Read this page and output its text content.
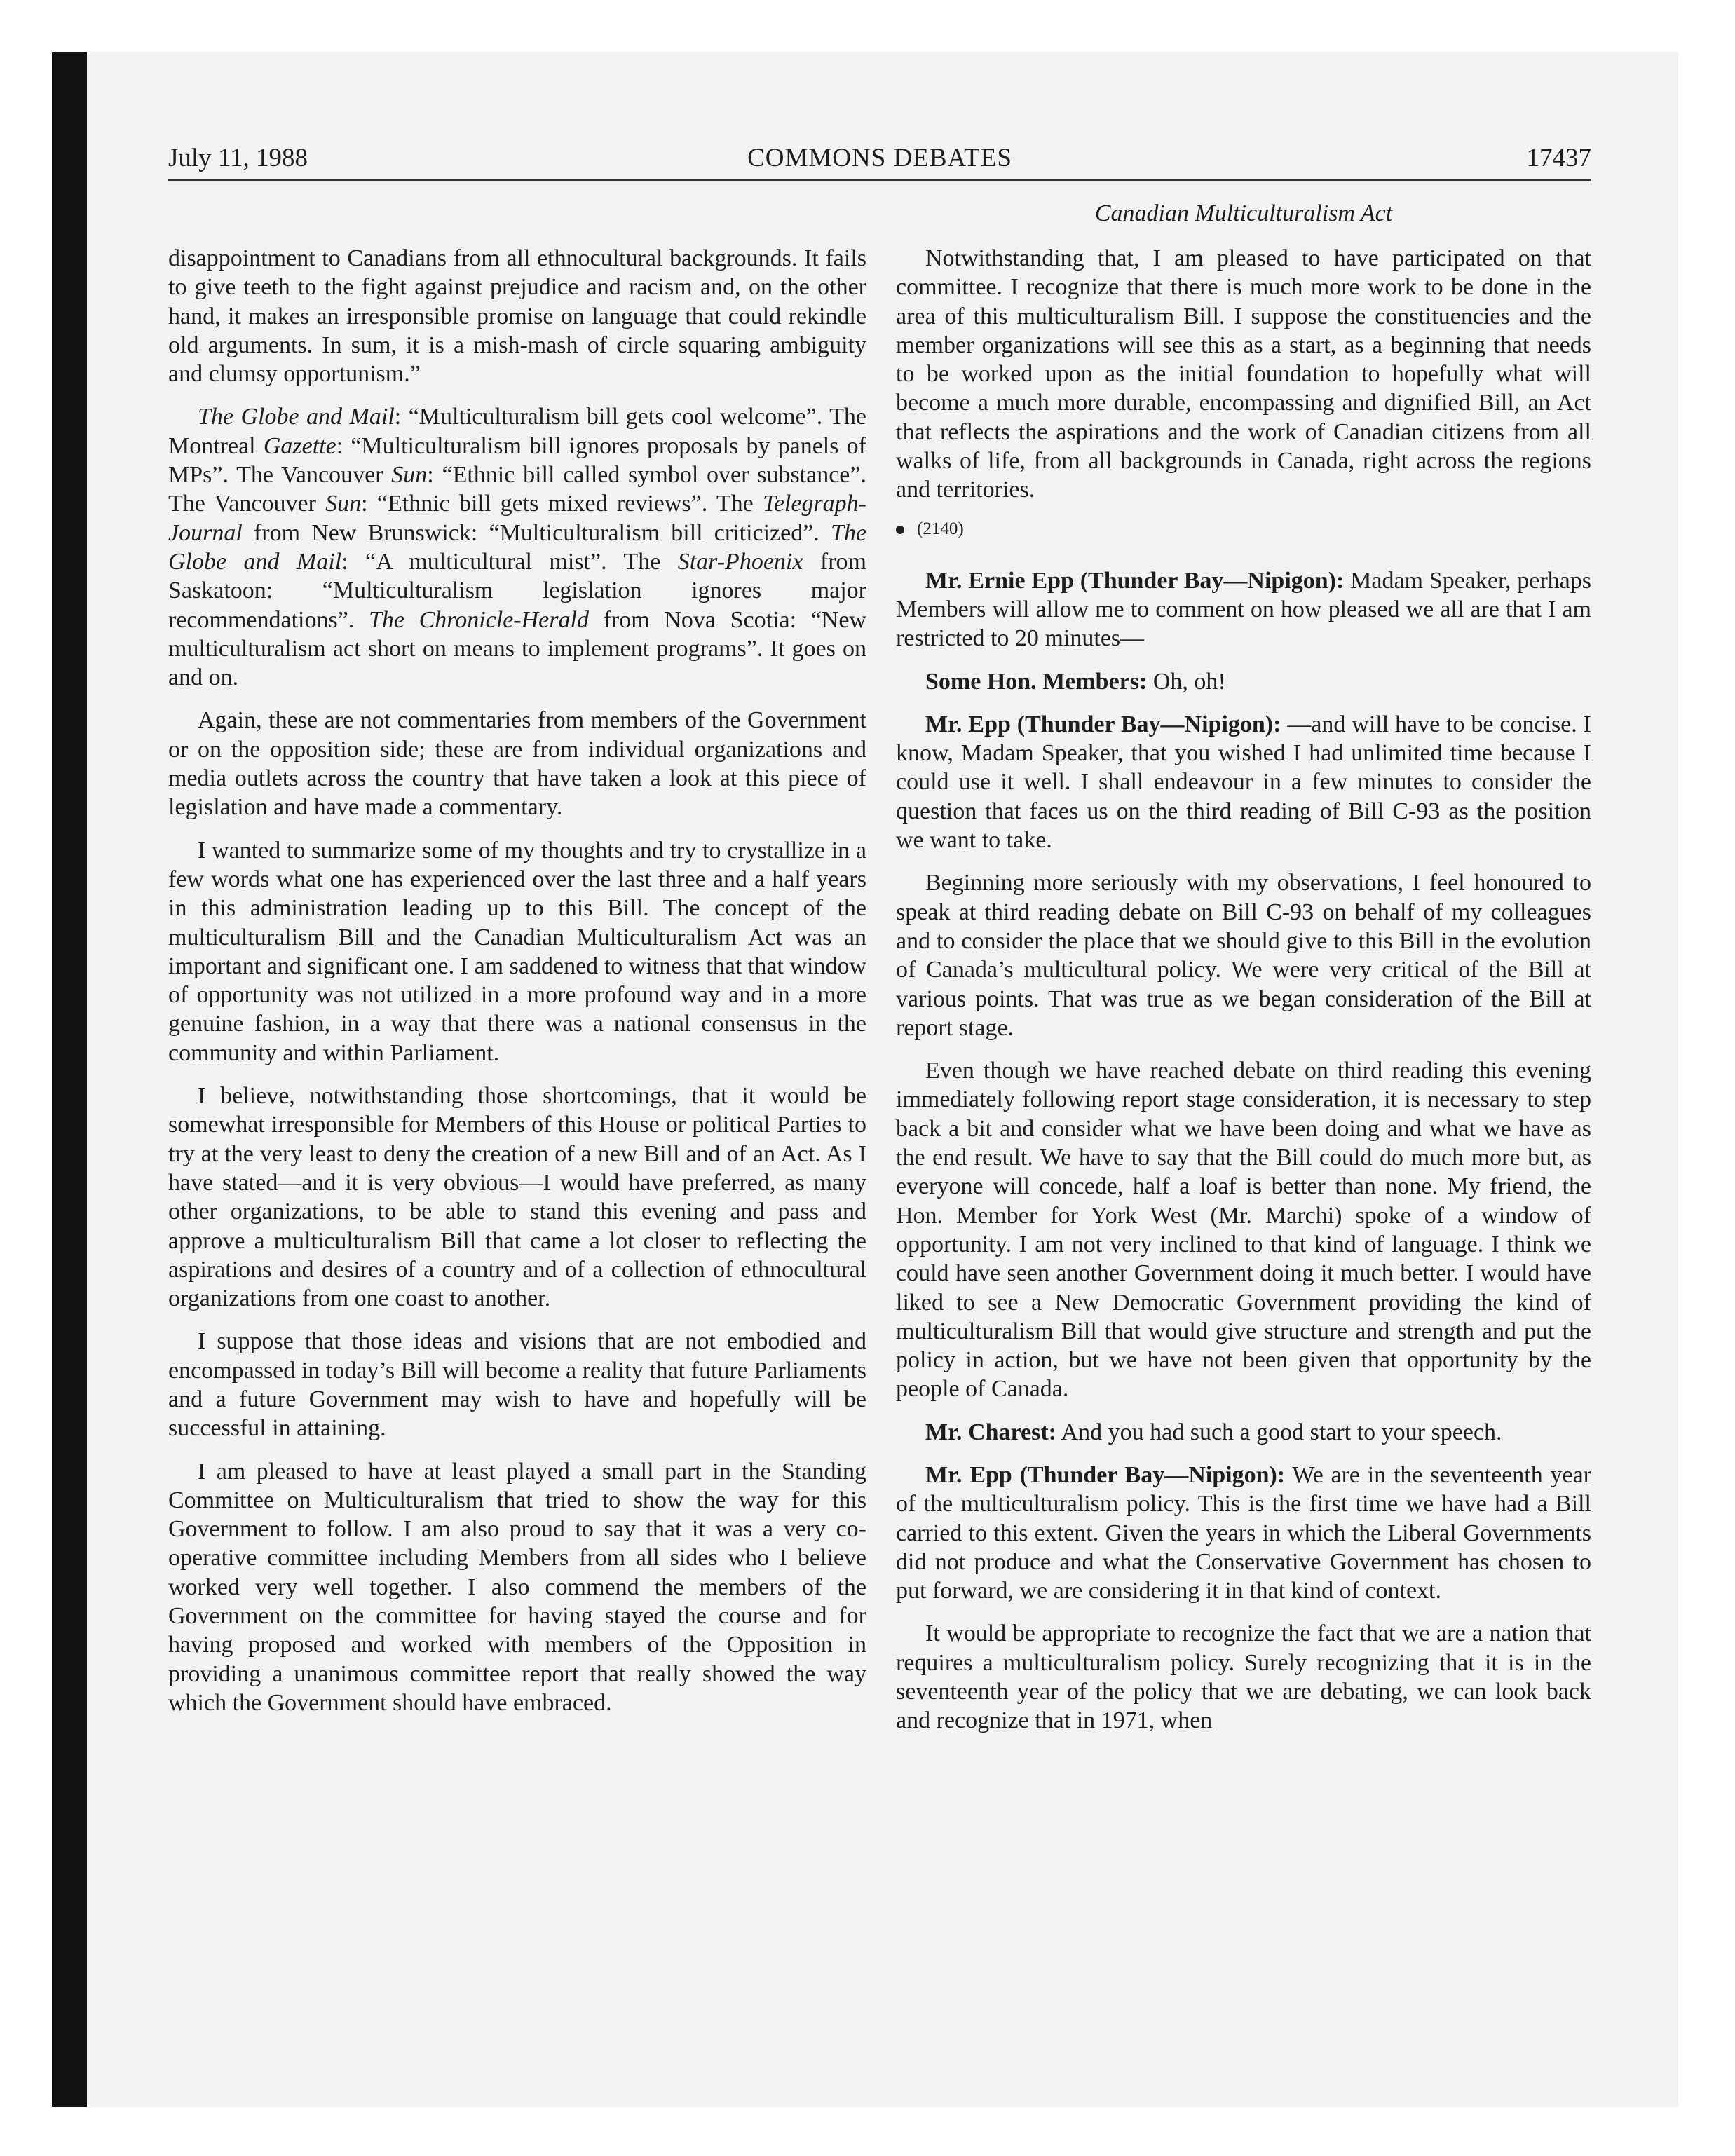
July 11, 1988	COMMONS DEBATES	17437
Canadian Multiculturalism Act

disappointment to Canadians from all ethnocultural backgrounds. It fails to give teeth to the fight against prejudice and racism and, on the other hand, it makes an irresponsible promise on language that could rekindle old arguments. In sum, it is a mish-mash of circle squaring ambiguity and clumsy opportunism.”

The Globe and Mail: “Multiculturalism bill gets cool welcome”. The Montreal Gazette: “Multiculturalism bill ignores proposals by panels of MPs”. The Vancouver Sun: “Ethnic bill called symbol over substance”. The Vancouver Sun: “Ethnic bill gets mixed reviews”. The Telegraph-Journal from New Brunswick: “Multiculturalism bill criticized”. The Globe and Mail: “A multicultural mist”. The Star-Phoenix from Saskatoon: “Multiculturalism legislation ignores major recommendations”. The Chronicle-Herald from Nova Scotia: “New multiculturalism act short on means to implement programs”. It goes on and on.

Again, these are not commentaries from members of the Government or on the opposition side; these are from individual organizations and media outlets across the country that have taken a look at this piece of legislation and have made a commentary.

I wanted to summarize some of my thoughts and try to crystallize in a few words what one has experienced over the last three and a half years in this administration leading up to this Bill. The concept of the multiculturalism Bill and the Canadian Multiculturalism Act was an important and significant one. I am saddened to witness that that window of opportunity was not utilized in a more profound way and in a more genuine fashion, in a way that there was a national consensus in the community and within Parliament.

I believe, notwithstanding those shortcomings, that it would be somewhat irresponsible for Members of this House or political Parties to try at the very least to deny the creation of a new Bill and of an Act. As I have stated—and it is very obvious—I would have preferred, as many other organizations, to be able to stand this evening and pass and approve a multiculturalism Bill that came a lot closer to reflecting the aspirations and desires of a country and of a collection of ethnocultural organizations from one coast to another.

I suppose that those ideas and visions that are not embodied and encompassed in today’s Bill will become a reality that future Parliaments and a future Government may wish to have and hopefully will be successful in attaining.

I am pleased to have at least played a small part in the Standing Committee on Multiculturalism that tried to show the way for this Government to follow. I am also proud to say that it was a very co-operative committee including Members from all sides who I believe worked very well together. I also commend the members of the Government on the committee for having stayed the course and for having proposed and worked with members of the Opposition in providing a unanimous committee report that really showed the way which the Government should have embraced.

Notwithstanding that, I am pleased to have participated on that committee. I recognize that there is much more work to be done in the area of this multiculturalism Bill. I suppose the constituencies and the member organizations will see this as a start, as a beginning that needs to be worked upon as the initial foundation to hopefully what will become a much more durable, encompassing and dignified Bill, an Act that reflects the aspirations and the work of Canadian citizens from all walks of life, from all backgrounds in Canada, right across the regions and territories.

(2140)

Mr. Ernie Epp (Thunder Bay—Nipigon): Madam Speaker, perhaps Members will allow me to comment on how pleased we all are that I am restricted to 20 minutes—

Some Hon. Members: Oh, oh!

Mr. Epp (Thunder Bay—Nipigon): —and will have to be concise. I know, Madam Speaker, that you wished I had unlimited time because I could use it well. I shall endeavour in a few minutes to consider the question that faces us on the third reading of Bill C-93 as the position we want to take.

Beginning more seriously with my observations, I feel honoured to speak at third reading debate on Bill C-93 on behalf of my colleagues and to consider the place that we should give to this Bill in the evolution of Canada’s multicultural policy. We were very critical of the Bill at various points. That was true as we began consideration of the Bill at report stage.

Even though we have reached debate on third reading this evening immediately following report stage consideration, it is necessary to step back a bit and consider what we have been doing and what we have as the end result. We have to say that the Bill could do much more but, as everyone will concede, half a loaf is better than none. My friend, the Hon. Member for York West (Mr. Marchi) spoke of a window of opportunity. I am not very inclined to that kind of language. I think we could have seen another Government doing it much better. I would have liked to see a New Democratic Government providing the kind of multiculturalism Bill that would give structure and strength and put the policy in action, but we have not been given that opportunity by the people of Canada.

Mr. Charest: And you had such a good start to your speech.

Mr. Epp (Thunder Bay—Nipigon): We are in the seventeenth year of the multiculturalism policy. This is the first time we have had a Bill carried to this extent. Given the years in which the Liberal Governments did not produce and what the Conservative Government has chosen to put forward, we are considering it in that kind of context.

It would be appropriate to recognize the fact that we are a nation that requires a multiculturalism policy. Surely recognizing that it is in the seventeenth year of the policy that we are debating, we can look back and recognize that in 1971, when
